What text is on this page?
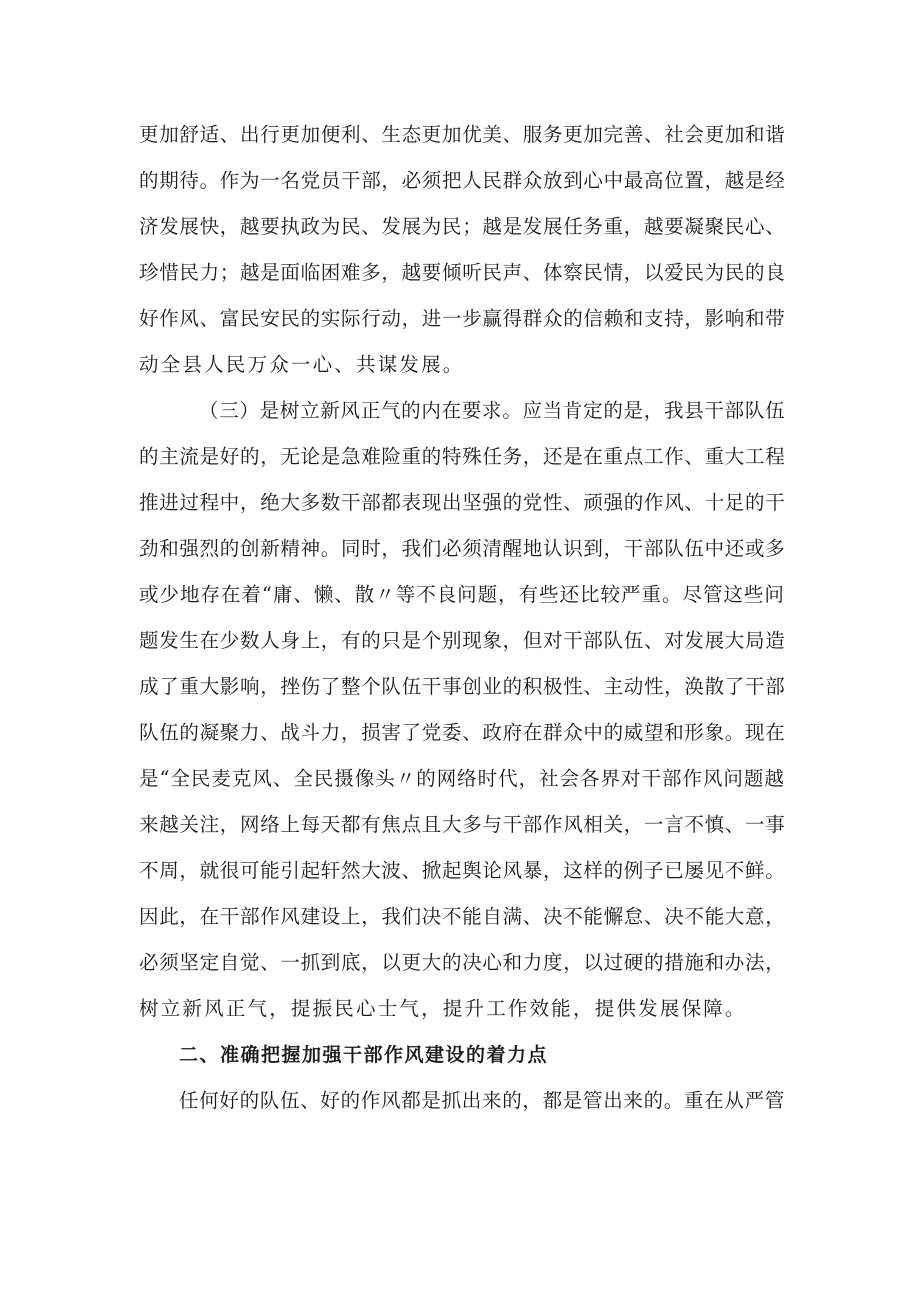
更加舒适、出行更加便利、生态更加优美、服务更加完善、社会更加和谐
的期待。作为一名党员干部，必须把人民群众放到心中最高位置，越是经
济发展快，越要执政为民、发展为民；越是发展任务重，越要凝聚民心、
珍惜民力；越是面临困难多，越要倾听民声、体察民情，以爱民为民的良
好作风、富民安民的实际行动，进一步赢得群众的信赖和支持，影响和带
动全县人民万众一心、共谋发展。

（三）是树立新风正气的内在要求。应当肯定的是，我县干部队伍
的主流是好的，无论是急难险重的特殊任务，还是在重点工作、重大工程
推进过程中，绝大多数干部都表现出坚强的党性、顽强的作风、十足的干
劲和强烈的创新精神。同时，我们必须清醒地认识到，干部队伍中还或多
或少地存在着“庸、懒、散〃等不良问题，有些还比较严重。尽管这些问
题发生在少数人身上，有的只是个别现象，但对干部队伍、对发展大局造
成了重大影响，挫伤了整个队伍干事创业的积极性、主动性，涣散了干部
队伍的凝聚力、战斗力，损害了党委、政府在群众中的威望和形象。现在
是“全民麦克风、全民摄像头〃的网络时代，社会各界对干部作风问题越
来越关注，网络上每天都有焦点且大多与干部作风相关，一言不慎、一事
不周，就很可能引起轩然大波、掀起舆论风暴，这样的例子已屡见不鲜。
因此，在干部作风建设上，我们决不能自满、决不能懈怠、决不能大意，
必须坚定自觉、一抓到底，以更大的决心和力度，以过硬的措施和办法，
树立新风正气，提振民心士气，提升工作效能，提供发展保障。

二、准确把握加强干部作风建设的着力点

任何好的队伍、好的作风都是抓出来的，都是管出来的。重在从严管
